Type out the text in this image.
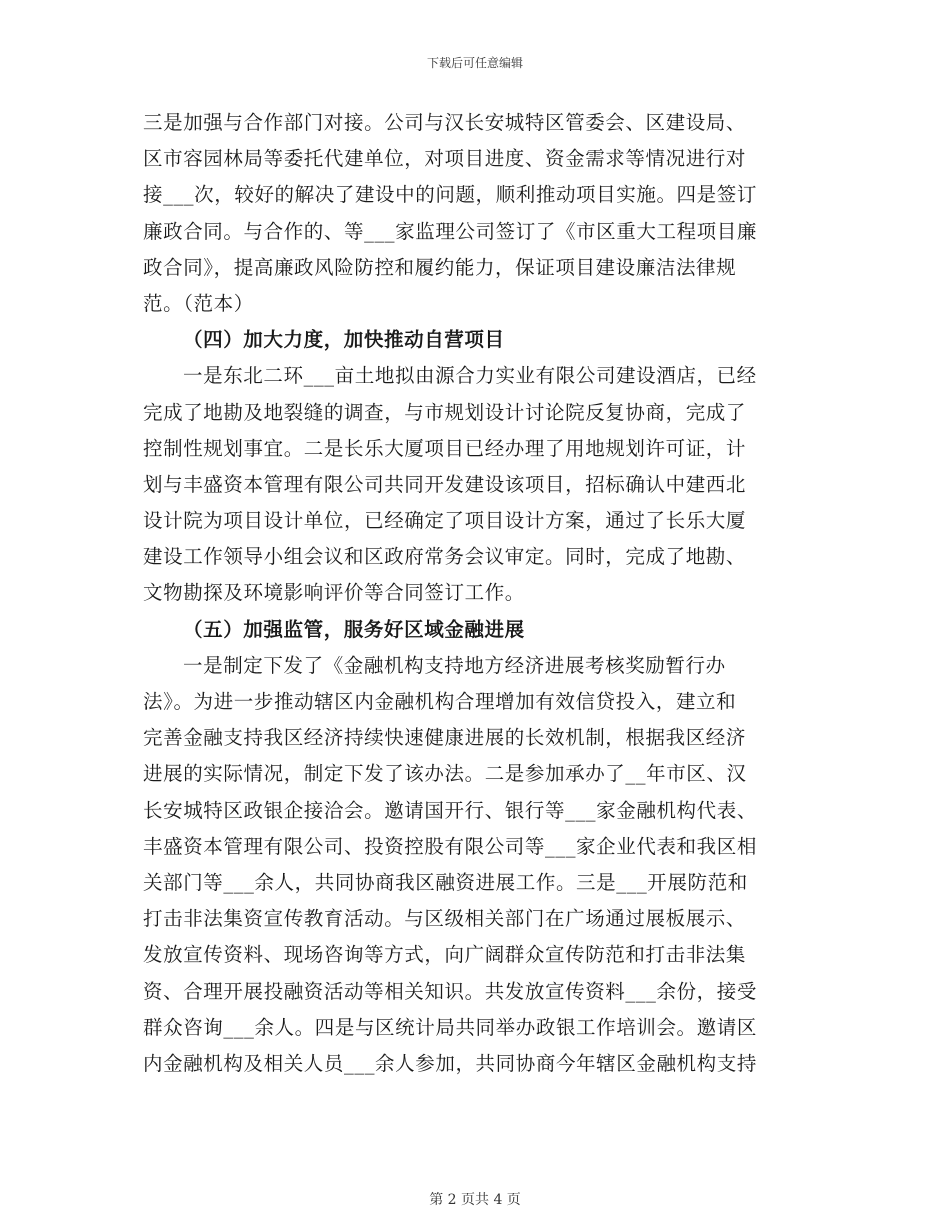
下载后可任意编辑
三是加强与合作部门对接。公司与汉长安城特区管委会、区建设局、
区市容园林局等委托代建单位，对项目进度、资金需求等情况进行对
接___次，较好的解决了建设中的问题，顺利推动项目实施。四是签订
廉政合同。与合作的、等___家监理公司签订了《市区重大工程项目廉
政合同》，提高廉政风险防控和履约能力，保证项目建设廉洁法律规
范。（范本）
（四）加大力度，加快推动自营项目
一是东北二环___亩土地拟由源合力实业有限公司建设酒店，已经
完成了地勘及地裂缝的调查，与市规划设计讨论院反复协商，完成了
控制性规划事宜。二是长乐大厦项目已经办理了用地规划许可证，计
划与丰盛资本管理有限公司共同开发建设该项目，招标确认中建西北
设计院为项目设计单位，已经确定了项目设计方案，通过了长乐大厦
建设工作领导小组会议和区政府常务会议审定。同时，完成了地勘、
文物勘探及环境影响评价等合同签订工作。
（五）加强监管，服务好区域金融进展
一是制定下发了《金融机构支持地方经济进展考核奖励暂行办
法》。为进一步推动辖区内金融机构合理增加有效信贷投入，建立和
完善金融支持我区经济持续快速健康进展的长效机制，根据我区经济
进展的实际情况，制定下发了该办法。二是参加承办了__年市区、汉
长安城特区政银企接洽会。邀请国开行、银行等___家金融机构代表、
丰盛资本管理有限公司、投资控股有限公司等___家企业代表和我区相
关部门等___余人，共同协商我区融资进展工作。三是___开展防范和
打击非法集资宣传教育活动。与区级相关部门在广场通过展板展示、
发放宣传资料、现场咨询等方式，向广阔群众宣传防范和打击非法集
资、合理开展投融资活动等相关知识。共发放宣传资料___余份，接受
群众咨询___余人。四是与区统计局共同举办政银工作培训会。邀请区
内金融机构及相关人员___余人参加，共同协商今年辖区金融机构支持
第 2 页共 4 页
